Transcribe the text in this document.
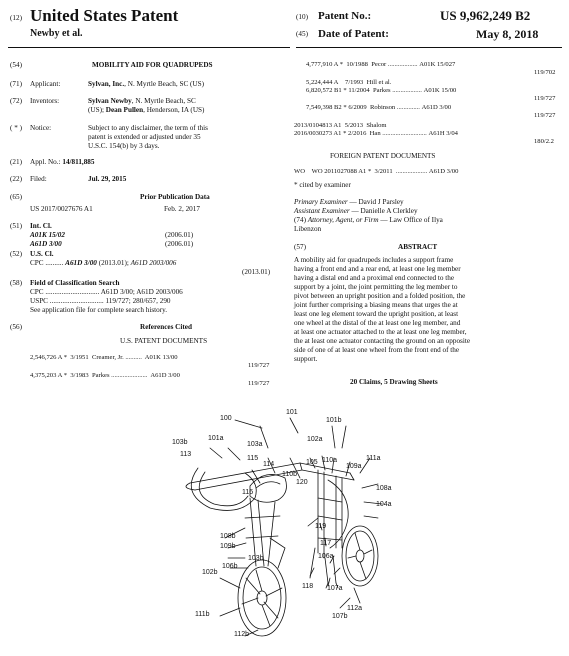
(12) United States Patent
Newby et al.
(10) Patent No.:	US 9,962,249 B2
(45) Date of Patent:	May 8, 2018
(54)	MOBILITY AID FOR QUADRUPEDS
(71) Applicant:	Sylvan, Inc., N. Myrtle Beach, SC (US)
(72) Inventors:	Sylvan Newby, N. Myrtle Beach, SC
(US); Dean Pullen, Henderson, IA (US)
( * ) Notice:	Subject to any disclaimer, the term of this
patent is extended or adjusted under 35
U.S.C. 154(b) by 3 days.
(21) Appl. No.: 14/811,885
(22) Filed:	Jul. 29, 2015
(65)	Prior Publication Data
US 2017/0027676 A1	Feb. 2, 2017
(51) Int. Cl.
A01K 15/02	(2006.01)
A61D 3/00	(2006.01)
(52) U.S. Cl.
CPC .......... A61D 3/00 (2013.01); A61D 2003/006
(2013.01)
(58) Field of Classification Search
CPC .............................. A61D 3/00; A61D 2003/006
USPC .............................. 119/727; 280/657, 290
See application file for complete search history.
(56)	References Cited
U.S. PATENT DOCUMENTS
2,546,726 A * 3/1951 Creamer, Jr. .......... A01K 13/00
119/727
4,375,203 A * 3/1983 Parkes ...................... A61D 3/00
119/727
4,777,910 A * 10/1988 Pecor .................. A01K 15/027
119/702
5,224,444 A 7/1993 Hill et al.
6,820,572 B1 * 11/2004 Parkes .................. A01K 15/00
119/727
7,549,398 B2 * 6/2009 Robinson .............. A61D 3/00
119/727
2013/0104813 A1 5/2013 Shalom
2016/0030273 A1 * 2/2016 Han ........................... A61H 3/04
180/2.2
FOREIGN PATENT DOCUMENTS
WO WO 2011027088 A1 * 3/2011 ................... A61D 3/00
* cited by examiner
Primary Examiner — David J Parsley
Assistant Examiner — Danielle A Clerkley
(74) Attorney, Agent, or Firm — Law Office of Ilya
Libenzon
(57)	ABSTRACT
A mobility aid for quadrupeds includes a support frame
having a front end and a rear end, at least one leg member
having a distal end and a proximal end connected to the
support by a joint, the joint permitting the leg member to
pivot between an upright position and a folded position, the
joint further comprising a biasing means that urges the at
least one leg element toward the upright position, at least
one wheel at the distal of the at least one leg member, and
at least one actuator attached to the at least one leg member,
the at least one actuator contacting the ground on an opposite
side of one of at least one wheel from the front end of the
support.
20 Claims, 5 Drawing Sheets
100
101
101a
101b
102a
103a
103b
113
115
114
116
110b
105 110a
109a
111a
108a
104a
120
119
117
106a
107a
112a
118
107b
108b
109b
103b
106b
102b
111b
112b
